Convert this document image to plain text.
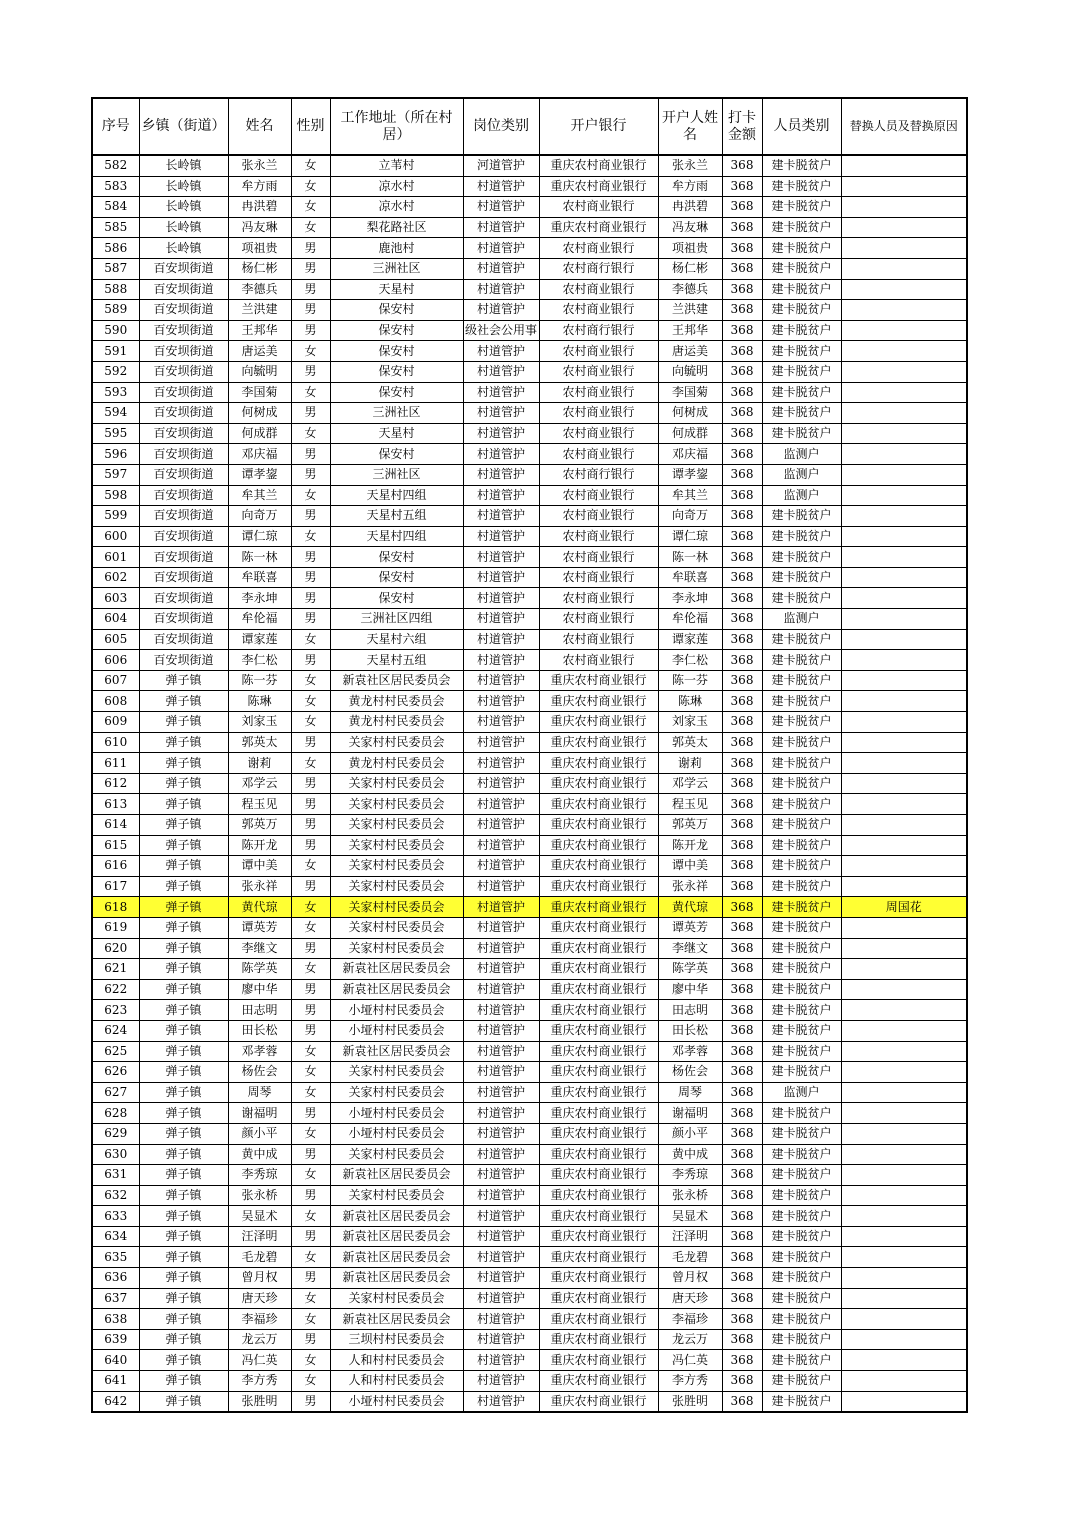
序号	乡镇（街道）	姓名	性别	工作地址（所在村居）	岗位类别	开户银行	开户人姓名	打卡金额	人员类别	替换人员及替换原因
582	长岭镇	张永兰	女	立苇村	河道管护	重庆农村商业银行	张永兰	368	建卡脱贫户	
583	长岭镇	牟方雨	女	凉水村	村道管护	重庆农村商业银行	牟方雨	368	建卡脱贫户	
584	长岭镇	冉洪碧	女	凉水村	村道管护	农村商业银行	冉洪碧	368	建卡脱贫户	
585	长岭镇	冯友琳	女	梨花路社区	村道管护	重庆农村商业银行	冯友琳	368	建卡脱贫户	
586	长岭镇	项祖贵	男	鹿池村	村道管护	农村商业银行	项祖贵	368	建卡脱贫户	
587	百安坝街道	杨仁彬	男	三洲社区	村道管护	农村商行银行	杨仁彬	368	建卡脱贫户	
588	百安坝街道	李德兵	男	天星村	村道管护	农村商业银行	李德兵	368	建卡脱贫户	
589	百安坝街道	兰洪建	男	保安村	村道管护	农村商业银行	兰洪建	368	建卡脱贫户	
590	百安坝街道	王邦华	男	保安村	级社会公用事	农村商行银行	王邦华	368	建卡脱贫户	
591	百安坝街道	唐运美	女	保安村	村道管护	农村商业银行	唐运美	368	建卡脱贫户	
592	百安坝街道	向毓明	男	保安村	村道管护	农村商业银行	向毓明	368	建卡脱贫户	
593	百安坝街道	李国菊	女	保安村	村道管护	农村商业银行	李国菊	368	建卡脱贫户	
594	百安坝街道	何树成	男	三洲社区	村道管护	农村商业银行	何树成	368	建卡脱贫户	
595	百安坝街道	何成群	女	天星村	村道管护	农村商业银行	何成群	368	建卡脱贫户	
596	百安坝街道	邓庆福	男	保安村	村道管护	农村商业银行	邓庆福	368	监测户	
597	百安坝街道	谭孝鋆	男	三洲社区	村道管护	农村商行银行	谭孝鋆	368	监测户	
598	百安坝街道	牟其兰	女	天星村四组	村道管护	农村商业银行	牟其兰	368	监测户	
599	百安坝街道	向奇万	男	天星村五组	村道管护	农村商业银行	向奇万	368	建卡脱贫户	
600	百安坝街道	谭仁琼	女	天星村四组	村道管护	农村商业银行	谭仁琼	368	建卡脱贫户	
601	百安坝街道	陈一林	男	保安村	村道管护	农村商业银行	陈一林	368	建卡脱贫户	
602	百安坝街道	牟联喜	男	保安村	村道管护	农村商业银行	牟联喜	368	建卡脱贫户	
603	百安坝街道	李永坤	男	保安村	村道管护	农村商业银行	李永坤	368	建卡脱贫户	
604	百安坝街道	牟伦福	男	三洲社区四组	村道管护	农村商业银行	牟伦福	368	监测户	
605	百安坝街道	谭家莲	女	天星村六组	村道管护	农村商业银行	谭家莲	368	建卡脱贫户	
606	百安坝街道	李仁松	男	天星村五组	村道管护	农村商业银行	李仁松	368	建卡脱贫户	
607	弹子镇	陈一芬	女	新袁社区居民委员会	村道管护	重庆农村商业银行	陈一芬	368	建卡脱贫户	
608	弹子镇	陈琳	女	黄龙村村民委员会	村道管护	重庆农村商业银行	陈琳	368	建卡脱贫户	
609	弹子镇	刘家玉	女	黄龙村村民委员会	村道管护	重庆农村商业银行	刘家玉	368	建卡脱贫户	
610	弹子镇	郭英太	男	关家村村民委员会	村道管护	重庆农村商业银行	郭英太	368	建卡脱贫户	
611	弹子镇	谢莉	女	黄龙村村民委员会	村道管护	重庆农村商业银行	谢莉	368	建卡脱贫户	
612	弹子镇	邓学云	男	关家村村民委员会	村道管护	重庆农村商业银行	邓学云	368	建卡脱贫户	
613	弹子镇	程玉见	男	关家村村民委员会	村道管护	重庆农村商业银行	程玉见	368	建卡脱贫户	
614	弹子镇	郭英万	男	关家村村民委员会	村道管护	重庆农村商业银行	郭英万	368	建卡脱贫户	
615	弹子镇	陈开龙	男	关家村村民委员会	村道管护	重庆农村商业银行	陈开龙	368	建卡脱贫户	
616	弹子镇	谭中美	女	关家村村民委员会	村道管护	重庆农村商业银行	谭中美	368	建卡脱贫户	
617	弹子镇	张永祥	男	关家村村民委员会	村道管护	重庆农村商业银行	张永祥	368	建卡脱贫户	
618	弹子镇	黄代琼	女	关家村村民委员会	村道管护	重庆农村商业银行	黄代琼	368	建卡脱贫户	周国花
619	弹子镇	谭英芳	女	关家村村民委员会	村道管护	重庆农村商业银行	谭英芳	368	建卡脱贫户	
620	弹子镇	李继文	男	关家村村民委员会	村道管护	重庆农村商业银行	李继文	368	建卡脱贫户	
621	弹子镇	陈学英	女	新袁社区居民委员会	村道管护	重庆农村商业银行	陈学英	368	建卡脱贫户	
622	弹子镇	廖中华	男	新袁社区居民委员会	村道管护	重庆农村商业银行	廖中华	368	建卡脱贫户	
623	弹子镇	田志明	男	小垭村村民委员会	村道管护	重庆农村商业银行	田志明	368	建卡脱贫户	
624	弹子镇	田长松	男	小垭村村民委员会	村道管护	重庆农村商业银行	田长松	368	建卡脱贫户	
625	弹子镇	邓孝蓉	女	新袁社区居民委员会	村道管护	重庆农村商业银行	邓孝蓉	368	建卡脱贫户	
626	弹子镇	杨佐会	女	关家村村民委员会	村道管护	重庆农村商业银行	杨佐会	368	建卡脱贫户	
627	弹子镇	周琴	女	关家村村民委员会	村道管护	重庆农村商业银行	周琴	368	监测户	
628	弹子镇	谢福明	男	小垭村村民委员会	村道管护	重庆农村商业银行	谢福明	368	建卡脱贫户	
629	弹子镇	颜小平	女	小垭村村民委员会	村道管护	重庆农村商业银行	颜小平	368	建卡脱贫户	
630	弹子镇	黄中成	男	关家村村民委员会	村道管护	重庆农村商业银行	黄中成	368	建卡脱贫户	
631	弹子镇	李秀琼	女	新袁社区居民委员会	村道管护	重庆农村商业银行	李秀琼	368	建卡脱贫户	
632	弹子镇	张永桥	男	关家村村民委员会	村道管护	重庆农村商业银行	张永桥	368	建卡脱贫户	
633	弹子镇	吴显术	女	新袁社区居民委员会	村道管护	重庆农村商业银行	吴显术	368	建卡脱贫户	
634	弹子镇	汪泽明	男	新袁社区居民委员会	村道管护	重庆农村商业银行	汪泽明	368	建卡脱贫户	
635	弹子镇	毛龙碧	女	新袁社区居民委员会	村道管护	重庆农村商业银行	毛龙碧	368	建卡脱贫户	
636	弹子镇	曾月权	男	新袁社区居民委员会	村道管护	重庆农村商业银行	曾月权	368	建卡脱贫户	
637	弹子镇	唐天珍	女	关家村村民委员会	村道管护	重庆农村商业银行	唐天珍	368	建卡脱贫户	
638	弹子镇	李福珍	女	新袁社区居民委员会	村道管护	重庆农村商业银行	李福珍	368	建卡脱贫户	
639	弹子镇	龙云万	男	三坝村村民委员会	村道管护	重庆农村商业银行	龙云万	368	建卡脱贫户	
640	弹子镇	冯仁英	女	人和村村民委员会	村道管护	重庆农村商业银行	冯仁英	368	建卡脱贫户	
641	弹子镇	李方秀	女	人和村村民委员会	村道管护	重庆农村商业银行	李方秀	368	建卡脱贫户	
642	弹子镇	张胜明	男	小垭村村民委员会	村道管护	重庆农村商业银行	张胜明	368	建卡脱贫户	
